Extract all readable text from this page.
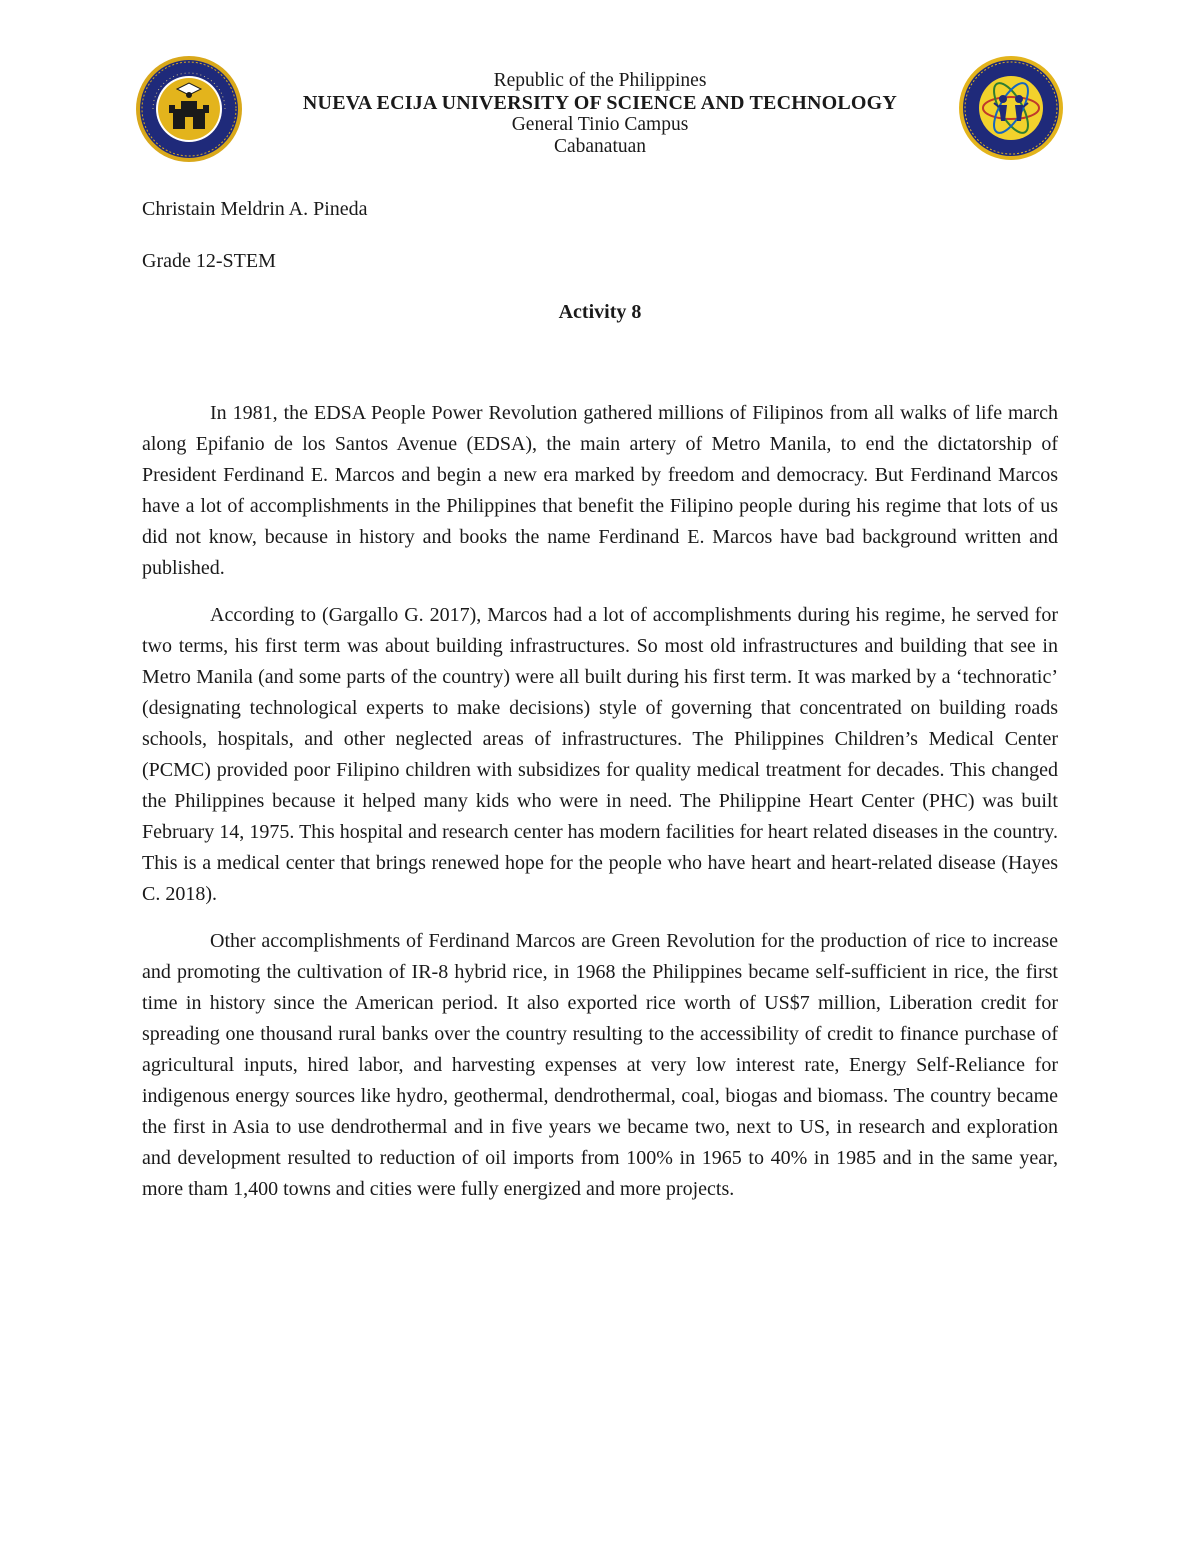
Republic of the Philippines
NUEVA ECIJA UNIVERSITY OF SCIENCE AND TECHNOLOGY
General Tinio Campus
Cabanatuan
Christain Meldrin A. Pineda
Grade 12-STEM
Activity 8

In 1981, the EDSA People Power Revolution gathered millions of Filipinos from all walks of life march along Epifanio de los Santos Avenue (EDSA), the main artery of Metro Manila, to end the dictatorship of President Ferdinand E. Marcos and begin a new era marked by freedom and democracy. But Ferdinand Marcos have a lot of accomplishments in the Philippines that benefit the Filipino people during his regime that lots of us did not know, because in history and books the name Ferdinand E. Marcos have bad background written and published.

According to (Gargallo G. 2017), Marcos had a lot of accomplishments during his regime, he served for two terms, his first term was about building infrastructures. So most old infrastructures and building that see in Metro Manila (and some parts of the country) were all built during his first term. It was marked by a ‘technoratic’ (designating technological experts to make decisions) style of governing that concentrated on building roads schools, hospitals, and other neglected areas of infrastructures. The Philippines Children’s Medical Center (PCMC) provided poor Filipino children with subsidizes for quality medical treatment for decades. This changed the Philippines because it helped many kids who were in need. The Philippine Heart Center (PHC) was built February 14, 1975. This hospital and research center has modern facilities for heart related diseases in the country. This is a medical center that brings renewed hope for the people who have heart and heart-related disease (Hayes C. 2018).

Other accomplishments of Ferdinand Marcos are Green Revolution for the production of rice to increase and promoting the cultivation of IR-8 hybrid rice, in 1968 the Philippines became self-sufficient in rice, the first time in history since the American period. It also exported rice worth of US$7 million, Liberation credit for spreading one thousand rural banks over the country resulting to the accessibility of credit to finance purchase of agricultural inputs, hired labor, and harvesting expenses at very low interest rate, Energy Self-Reliance for indigenous energy sources like hydro, geothermal, dendrothermal, coal, biogas and biomass. The country became the first in Asia to use dendrothermal and in five years we became two, next to US, in research and exploration and development resulted to reduction of oil imports from 100% in 1965 to 40% in 1985 and in the same year, more tham 1,400 towns and cities were fully energized and more projects.
